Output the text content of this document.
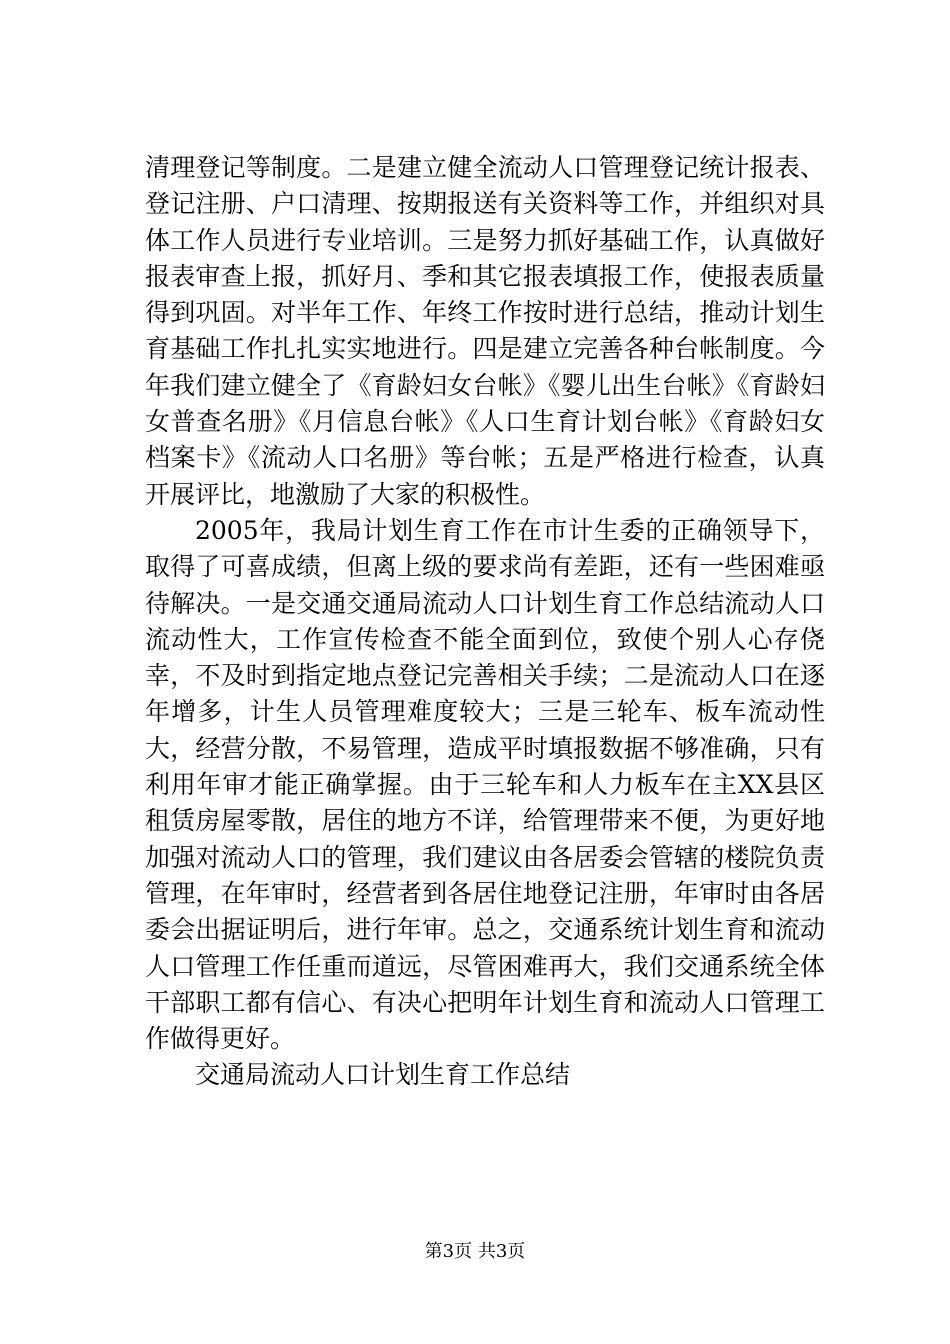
清理登记等制度。二是建立健全流动人口管理登记统计报表、登记注册、户口清理、按期报送有关资料等工作，并组织对具体工作人员进行专业培训。三是努力抓好基础工作，认真做好报表审查上报，抓好月、季和其它报表填报工作，使报表质量得到巩固。对半年工作、年终工作按时进行总结，推动计划生育基础工作扎扎实实地进行。四是建立完善各种台帐制度。今年我们建立健全了《育龄妇女台帐》《婴儿出生台帐》《育龄妇女普查名册》《月信息台帐》《人口生育计划台帐》《育龄妇女档案卡》《流动人口名册》等台帐；五是严格进行检查，认真开展评比，地激励了大家的积极性。

2005年，我局计划生育工作在市计生委的正确领导下，取得了可喜成绩，但离上级的要求尚有差距，还有一些困难亟待解决。一是交通交通局流动人口计划生育工作总结流动人口流动性大，工作宣传检查不能全面到位，致使个别人心存侥幸，不及时到指定地点登记完善相关手续；二是流动人口在逐年增多，计生人员管理难度较大；三是三轮车、板车流动性大，经营分散，不易管理，造成平时填报数据不够准确，只有利用年审才能正确掌握。由于三轮车和人力板车在主XX县区租赁房屋零散，居住的地方不详，给管理带来不便，为更好地加强对流动人口的管理，我们建议由各居委会管辖的楼院负责管理，在年审时，经营者到各居住地登记注册，年审时由各居委会出据证明后，进行年审。总之，交通系统计划生育和流动人口管理工作任重而道远，尽管困难再大，我们交通系统全体干部职工都有信心、有决心把明年计划生育和流动人口管理工作做得更好。

交通局流动人口计划生育工作总结

第3页 共3页
